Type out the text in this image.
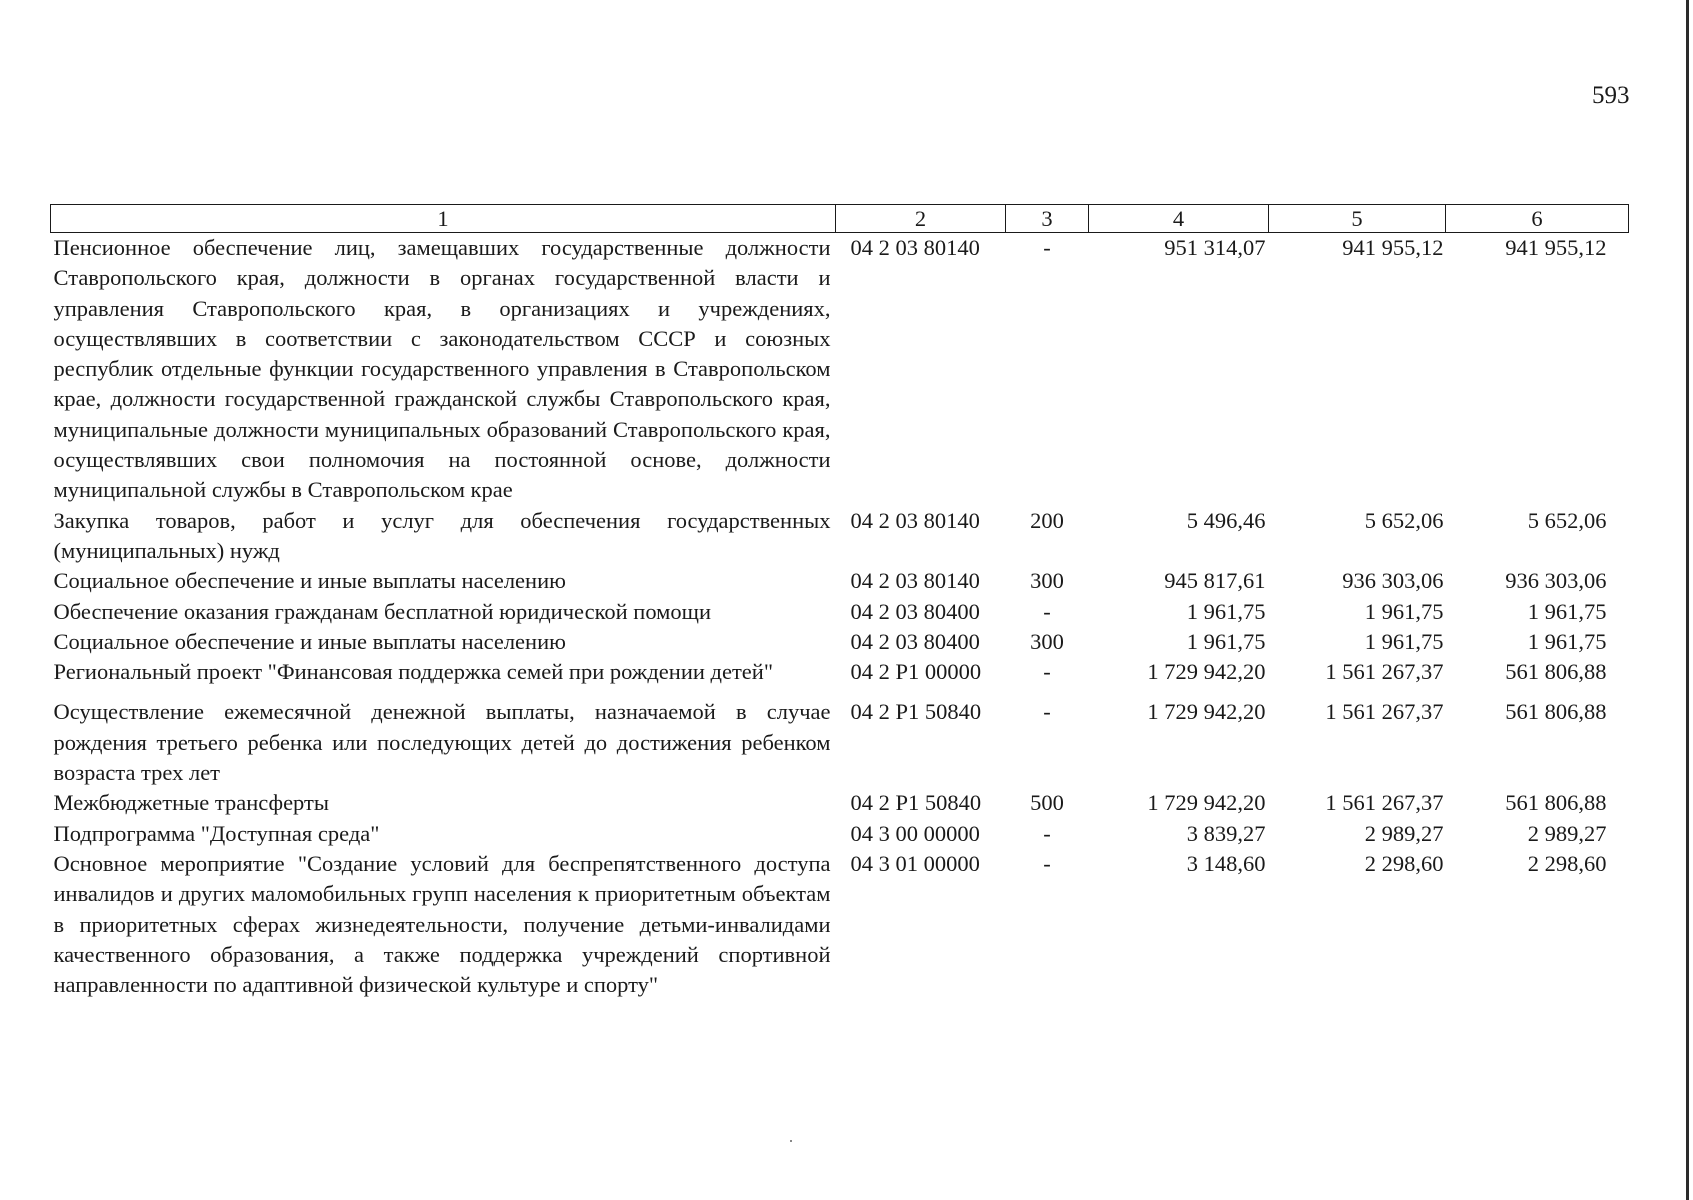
593
1	2	3	4	5	6
Пенсионное обеспечение лиц, замещавших государственные должности Ставропольского края, должности в органах государственной власти и управления Ставропольского края, в организациях и учреждениях, осуществлявших в соответствии с законодательством СССР и союзных республик отдельные функции государственного управления в Ставропольском крае, должности государственной гражданской службы Ставропольского края, муниципальные должности муниципальных образований Ставропольского края, осуществлявших свои полномочия на постоянной основе, должности муниципальной службы в Ставропольском крае	04 2 03 80140	-	951 314,07	941 955,12	941 955,12
Закупка товаров, работ и услуг для обеспечения государственных (муниципальных) нужд	04 2 03 80140	200	5 496,46	5 652,06	5 652,06
Социальное обеспечение и иные выплаты населению	04 2 03 80140	300	945 817,61	936 303,06	936 303,06
Обеспечение оказания гражданам бесплатной юридической помощи	04 2 03 80400	-	1 961,75	1 961,75	1 961,75
Социальное обеспечение и иные выплаты населению	04 2 03 80400	300	1 961,75	1 961,75	1 961,75
Региональный проект "Финансовая поддержка семей при рождении детей"	04 2 P1 00000	-	1 729 942,20	1 561 267,37	561 806,88
Осуществление ежемесячной денежной выплаты, назначаемой в случае рождения третьего ребенка или последующих детей до достижения ребенком возраста трех лет	04 2 P1 50840	-	1 729 942,20	1 561 267,37	561 806,88
Межбюджетные трансферты	04 2 P1 50840	500	1 729 942,20	1 561 267,37	561 806,88
Подпрограмма "Доступная среда"	04 3 00 00000	-	3 839,27	2 989,27	2 989,27
Основное мероприятие "Создание условий для беспрепятственного доступа инвалидов и других маломобильных групп населения к приоритетным объектам в приоритетных сферах жизнедеятельности, получение детьми-инвалидами качественного образования, а также поддержка учреждений спортивной направленности по адаптивной физической культуре и спорту"	04 3 01 00000	-	3 148,60	2 298,60	2 298,60
